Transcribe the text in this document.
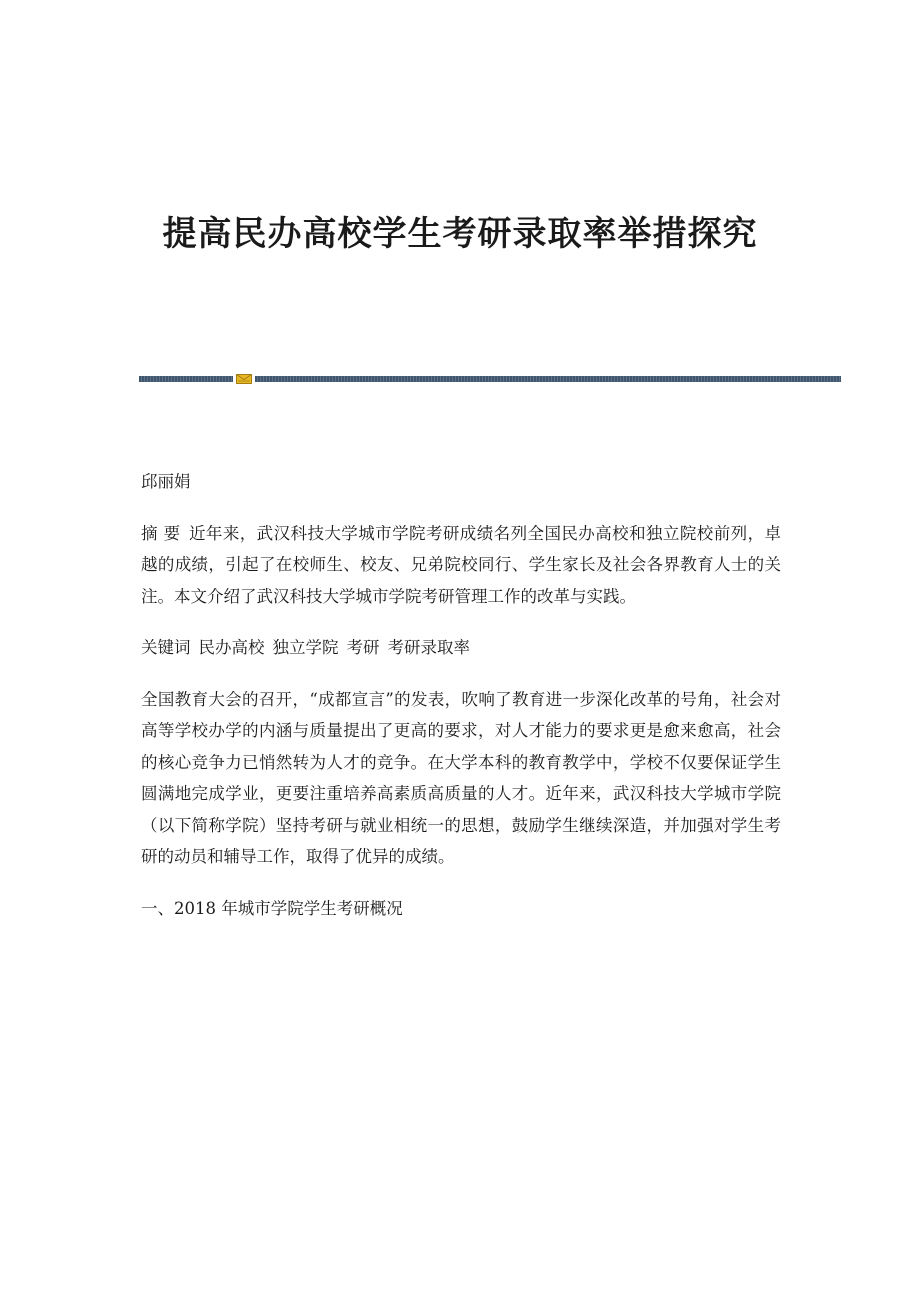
提高民办高校学生考研录取率举措探究

邱丽娟

摘 要 近年来，武汉科技大学城市学院考研成绩名列全国民办高校和独立院校前列，卓越的成绩，引起了在校师生、校友、兄弟院校同行、学生家长及社会各界教育人士的关注。本文介绍了武汉科技大学城市学院考研管理工作的改革与实践。

关键词 民办高校 独立学院 考研 考研录取率

全国教育大会的召开，“成都宣言”的发表，吹响了教育进一步深化改革的号角，社会对高等学校办学的内涵与质量提出了更高的要求，对人才能力的要求更是愈来愈高，社会的核心竞争力已悄然转为人才的竞争。在大学本科的教育教学中，学校不仅要保证学生圆满地完成学业，更要注重培养高素质高质量的人才。近年来，武汉科技大学城市学院（以下简称学院）坚持考研与就业相统一的思想，鼓励学生继续深造，并加强对学生考研的动员和辅导工作，取得了优异的成绩。

一、2018 年城市学院学生考研概况
